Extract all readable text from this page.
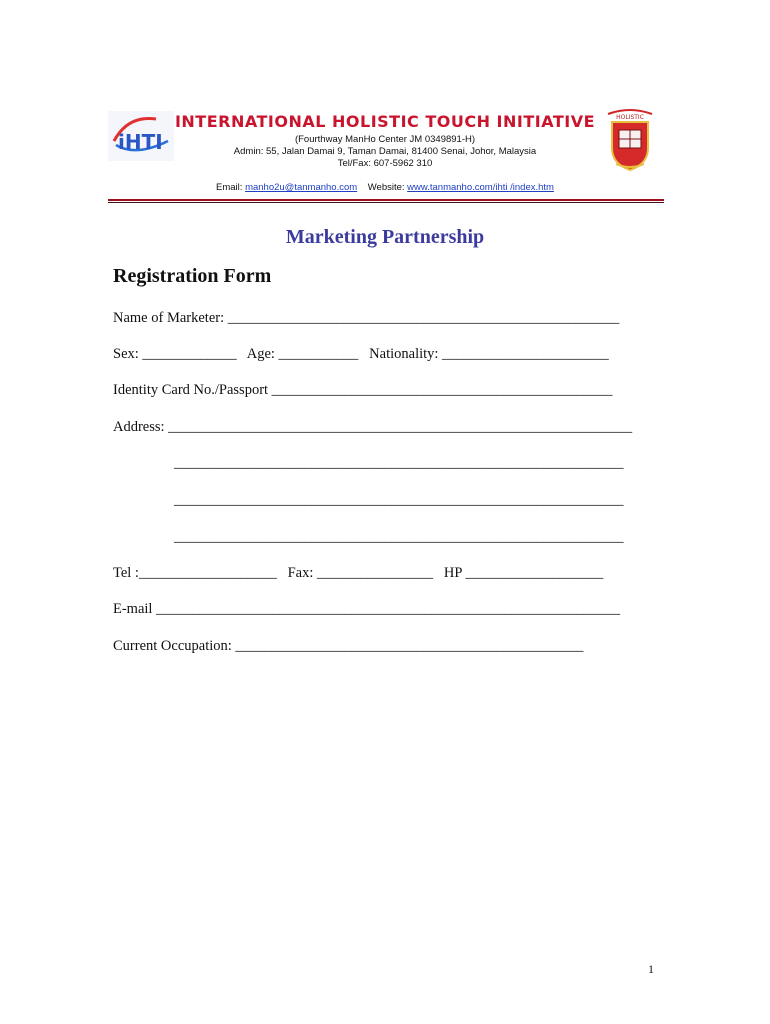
iHTI
HOLISTIC
INTERNATIONAL HOLISTIC TOUCH INITIATIVE
(Fourthway ManHo Center JM 0349891-H)
Admin: 55, Jalan Damai 9, Taman Damai, 81400 Senai, Johor, Malaysia
Tel/Fax: 607-5962 310
Email: manho2u@tanmanho.com Website: www.tanmanho.com/ihti /index.htm
Marketing Partnership
Registration Form
Name of Marketer: ______________________________________________________
Sex: _____________   Age: ___________   Nationality: _______________________
Identity Card No./Passport _______________________________________________
Address: ________________________________________________________________
______________________________________________________________
______________________________________________________________
______________________________________________________________
Tel :___________________   Fax: ________________   HP ___________________
E-mail ________________________________________________________________
Current Occupation: ________________________________________________
1
